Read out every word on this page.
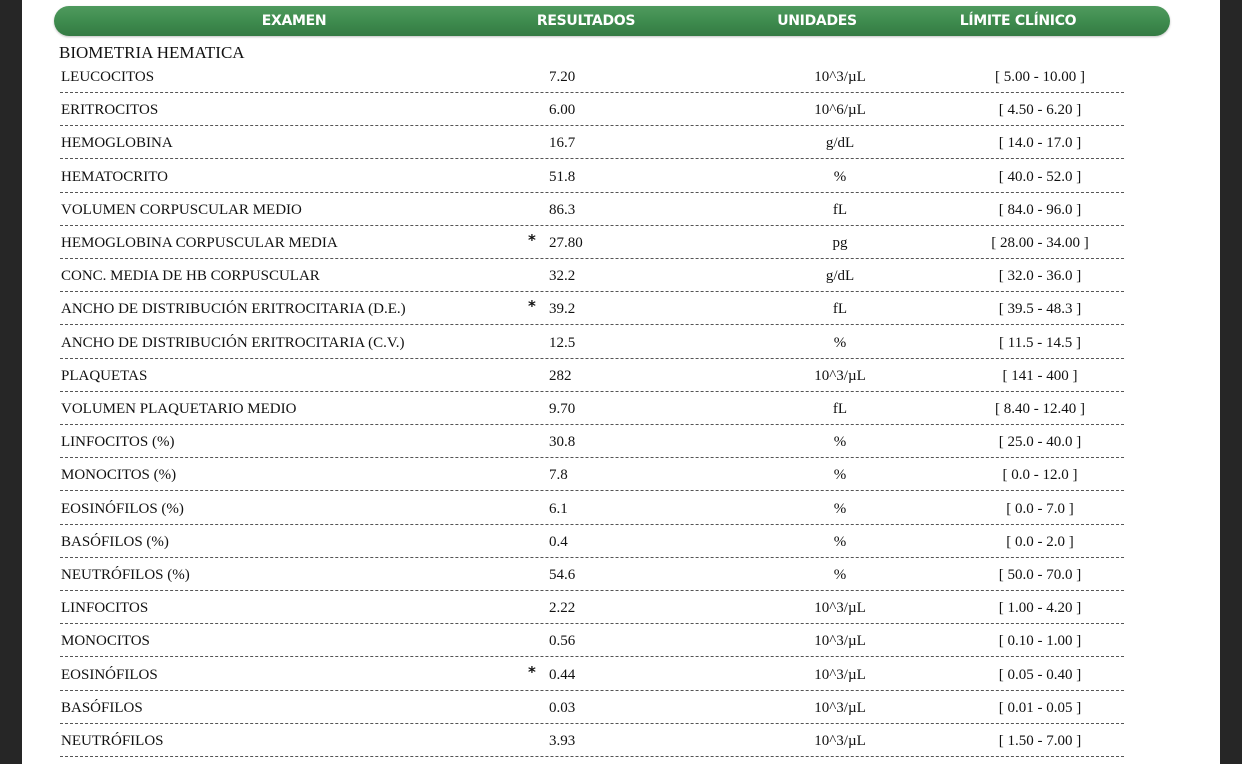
EXAMEN	RESULTADOS	UNIDADES	LÍMITE CLÍNICO
BIOMETRIA HEMATICA
LEUCOCITOS	7.20	10^3/µL	[ 5.00 - 10.00 ]
ERITROCITOS	6.00	10^6/µL	[ 4.50 - 6.20 ]
HEMOGLOBINA	16.7	g/dL	[ 14.0 - 17.0 ]
HEMATOCRITO	51.8	%	[ 40.0 - 52.0 ]
VOLUMEN CORPUSCULAR MEDIO	86.3	fL	[ 84.0 - 96.0 ]
HEMOGLOBINA CORPUSCULAR MEDIA	* 27.80	pg	[ 28.00 - 34.00 ]
CONC. MEDIA DE HB CORPUSCULAR	32.2	g/dL	[ 32.0 - 36.0 ]
ANCHO DE DISTRIBUCIÓN ERITROCITARIA (D.E.)	* 39.2	fL	[ 39.5 - 48.3 ]
ANCHO DE DISTRIBUCIÓN ERITROCITARIA (C.V.)	12.5	%	[ 11.5 - 14.5 ]
PLAQUETAS	282	10^3/µL	[ 141 - 400 ]
VOLUMEN PLAQUETARIO MEDIO	9.70	fL	[ 8.40 - 12.40 ]
LINFOCITOS (%)	30.8	%	[ 25.0 - 40.0 ]
MONOCITOS (%)	7.8	%	[ 0.0 - 12.0 ]
EOSINÓFILOS (%)	6.1	%	[ 0.0 - 7.0 ]
BASÓFILOS (%)	0.4	%	[ 0.0 - 2.0 ]
NEUTRÓFILOS (%)	54.6	%	[ 50.0 - 70.0 ]
LINFOCITOS	2.22	10^3/µL	[ 1.00 - 4.20 ]
MONOCITOS	0.56	10^3/µL	[ 0.10 - 1.00 ]
EOSINÓFILOS	* 0.44	10^3/µL	[ 0.05 - 0.40 ]
BASÓFILOS	0.03	10^3/µL	[ 0.01 - 0.05 ]
NEUTRÓFILOS	3.93	10^3/µL	[ 1.50 - 7.00 ]
